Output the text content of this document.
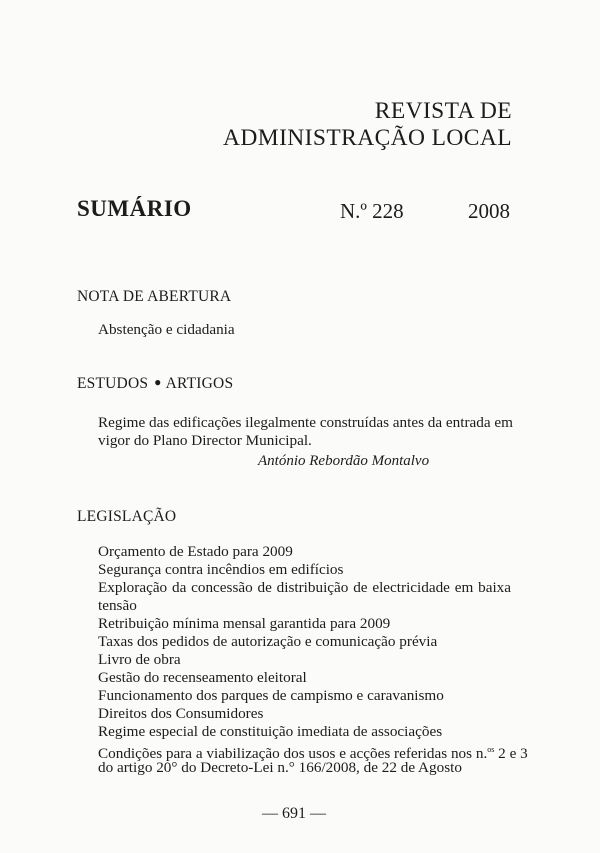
REVISTA DE
ADMINISTRAÇÃO LOCAL
SUMÁRIO	N.º 228	2008
NOTA DE ABERTURA
Abstenção e cidadania
ESTUDOS ● ARTIGOS
Regime das edificações ilegalmente construídas antes da entrada em
vigor do Plano Director Municipal.
António Rebordão Montalvo
LEGISLAÇÃO
Orçamento de Estado para 2009
Segurança contra incêndios em edifícios
Exploração da concessão de distribuição de electricidade em baixa
tensão
Retribuição mínima mensal garantida para 2009
Taxas dos pedidos de autorização e comunicação prévia
Livro de obra
Gestão do recenseamento eleitoral
Funcionamento dos parques de campismo e caravanismo
Direitos dos Consumidores
Regime especial de constituição imediata de associações
Condições para a viabilização dos usos e acções referidas nos n.$^{os}$ 2 e 3
do artigo 20° do Decreto-Lei n.° 166/2008, de 22 de Agosto
— 691 —
